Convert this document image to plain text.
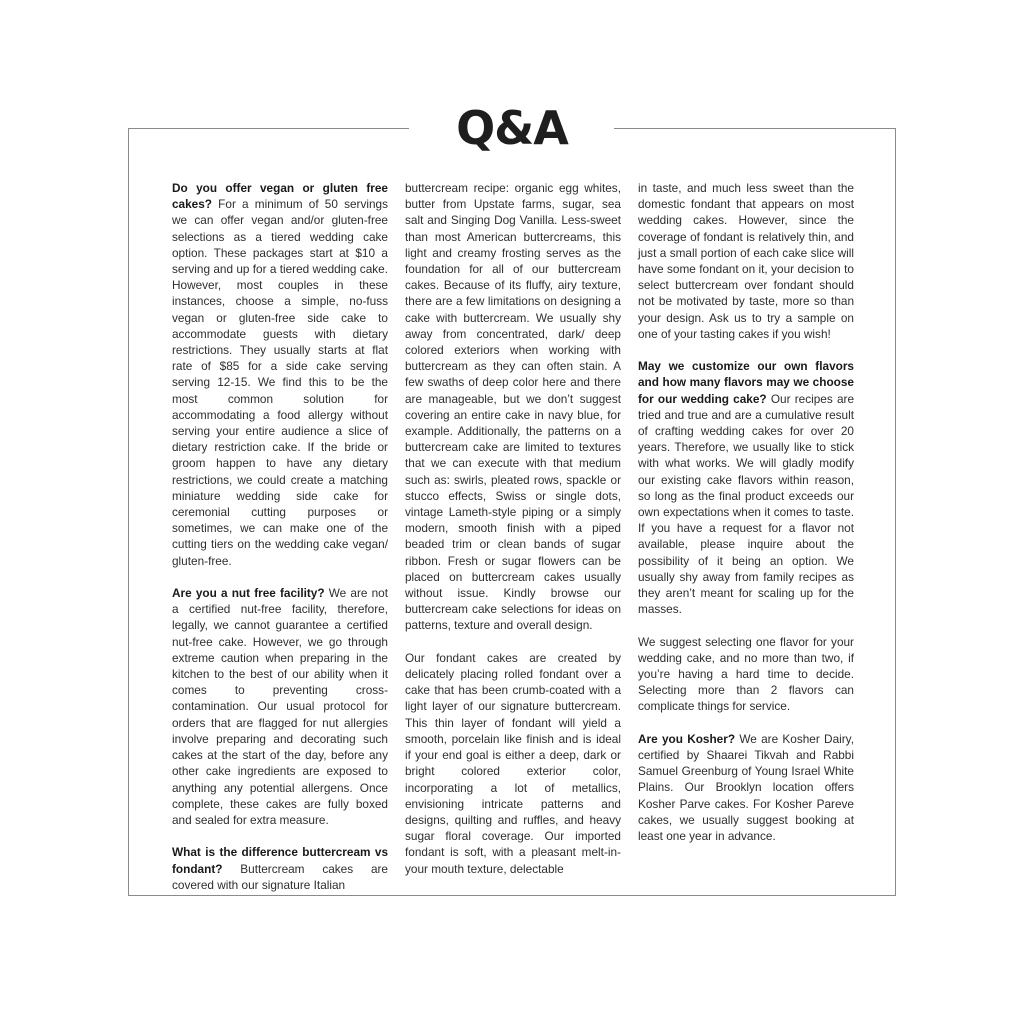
Q&A

Do you offer vegan or gluten free cakes? For a minimum of 50 servings we can offer vegan and/or gluten-free selections as a tiered wedding cake option. These packages start at $10 a serving and up for a tiered wedding cake. However, most couples in these instances, choose a simple, no-fuss vegan or gluten-free side cake to accommodate guests with dietary restrictions. They usually starts at flat rate of $85 for a side cake serving serving 12-15. We find this to be the most common solution for accommodating a food allergy without serving your entire audience a slice of dietary restriction cake. If the bride or groom happen to have any dietary restrictions, we could create a matching miniature wedding side cake for ceremonial cutting purposes or sometimes, we can make one of the cutting tiers on the wedding cake vegan/ gluten-free.

Are you a nut free facility? We are not a certified nut-free facility, therefore, legally, we cannot guarantee a certified nut-free cake. However, we go through extreme caution when preparing in the kitchen to the best of our ability when it comes to preventing cross-contamination. Our usual protocol for orders that are flagged for nut allergies involve preparing and decorating such cakes at the start of the day, before any other cake ingredients are exposed to anything any potential allergens. Once complete, these cakes are fully boxed and sealed for extra measure.

What is the difference buttercream vs fondant? Buttercream cakes are covered with our signature Italian

buttercream recipe: organic egg whites, butter from Upstate farms, sugar, sea salt and Singing Dog Vanilla. Less-sweet than most American buttercreams, this light and creamy frosting serves as the foundation for all of our buttercream cakes. Because of its fluffy, airy texture, there are a few limitations on designing a cake with buttercream. We usually shy away from concentrated, dark/ deep colored exteriors when working with buttercream as they can often stain. A few swaths of deep color here and there are manageable, but we don’t suggest covering an entire cake in navy blue, for example. Additionally, the patterns on a buttercream cake are limited to textures that we can execute with that medium such as: swirls, pleated rows, spackle or stucco effects, Swiss or single dots, vintage Lameth-style piping or a simply modern, smooth finish with a piped beaded trim or clean bands of sugar ribbon. Fresh or sugar flowers can be placed on buttercream cakes usually without issue. Kindly browse our buttercream cake selections for ideas on patterns, texture and overall design.

Our fondant cakes are created by delicately placing rolled fondant over a cake that has been crumb-coated with a light layer of our signature buttercream. This thin layer of fondant will yield a smooth, porcelain like finish and is ideal if your end goal is either a deep, dark or bright colored exterior color, incorporating a lot of metallics, envisioning intricate patterns and designs, quilting and ruffles, and heavy sugar floral coverage. Our imported fondant is soft, with a pleasant melt-in-your mouth texture, delectable

in taste, and much less sweet than the domestic fondant that appears on most wedding cakes. However, since the coverage of fondant is relatively thin, and just a small portion of each cake slice will have some fondant on it, your decision to select buttercream over fondant should not be motivated by taste, more so than your design. Ask us to try a sample on one of your tasting cakes if you wish!

May we customize our own flavors and how many flavors may we choose for our wedding cake? Our recipes are tried and true and are a cumulative result of crafting wedding cakes for over 20 years. Therefore, we usually like to stick with what works. We will gladly modify our existing cake flavors within reason, so long as the final product exceeds our own expectations when it comes to taste. If you have a request for a flavor not available, please inquire about the possibility of it being an option. We usually shy away from family recipes as they aren’t meant for scaling up for the masses.

We suggest selecting one flavor for your wedding cake, and no more than two, if you’re having a hard time to decide. Selecting more than 2 flavors can complicate things for service.

Are you Kosher? We are Kosher Dairy, certified by Shaarei Tikvah and Rabbi Samuel Greenburg of Young Israel White Plains. Our Brooklyn location offers Kosher Parve cakes. For Kosher Pareve cakes, we usually suggest booking at least one year in advance.
